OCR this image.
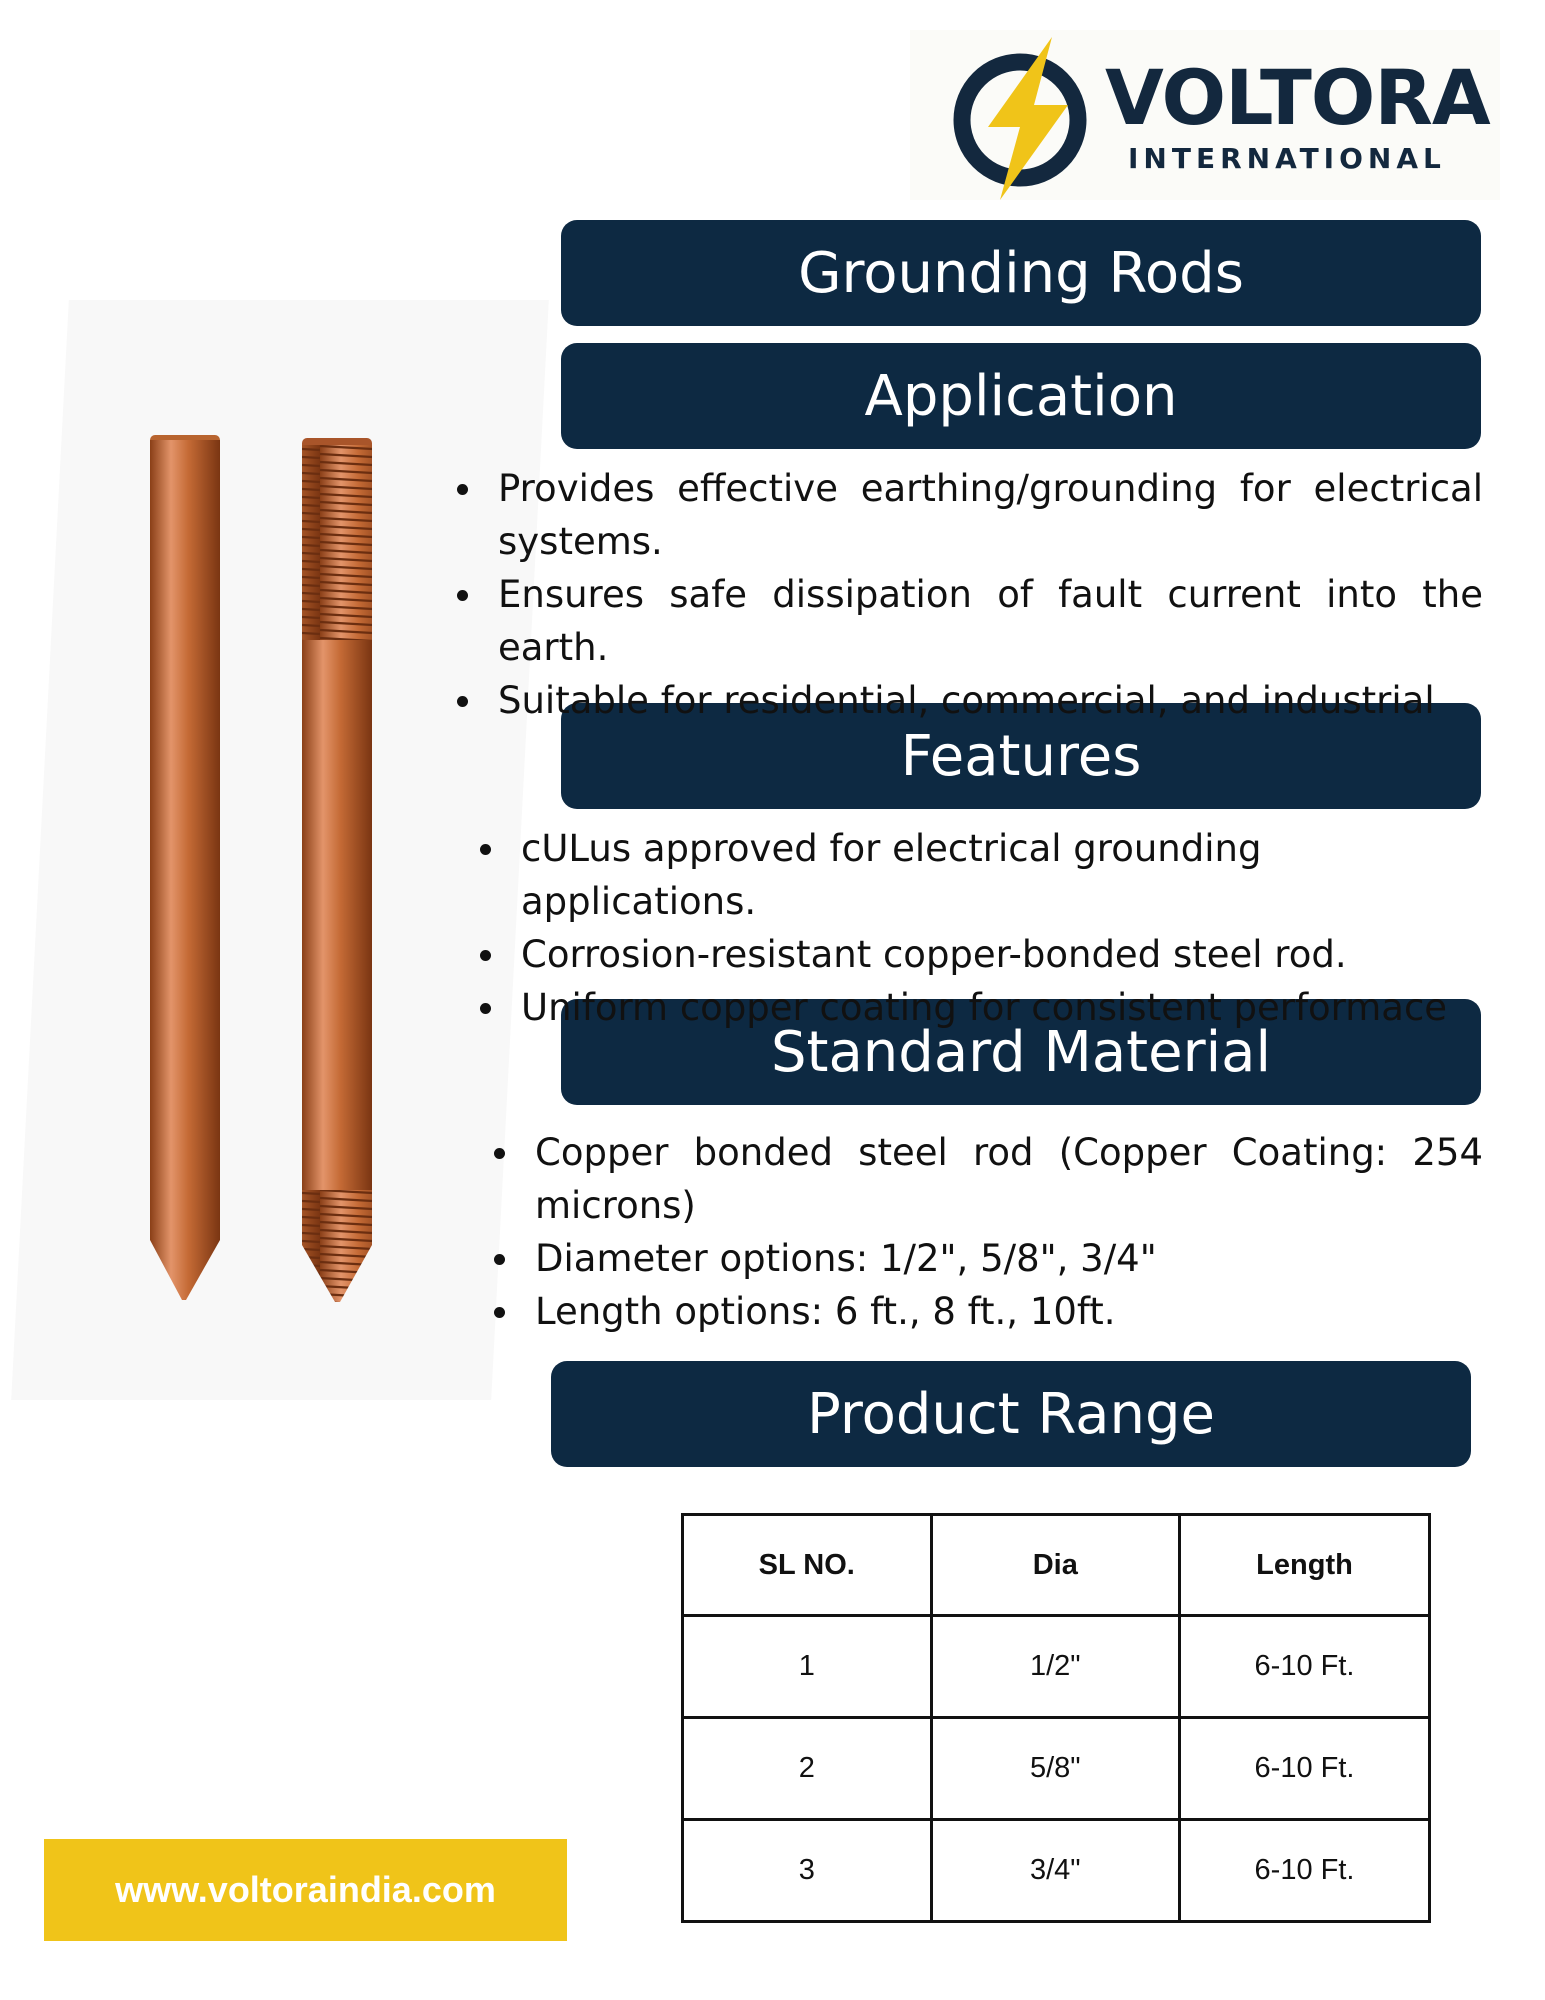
VOLTORA
INTERNATIONAL
Grounding Rods
Application
Features
Standard Material
Product Range
Provides effective earthing/grounding for electrical systems.
Ensures safe dissipation of fault current into the earth.
Suitable for residential, commercial, and industrial
cULus approved for electrical grounding applications.
Corrosion-resistant copper-bonded steel rod.
Uniform copper coating for consistent performace
Copper bonded steel rod (Copper Coating: 254 microns)
Diameter options: 1/2", 5/8", 3/4"
Length options: 6 ft., 8 ft., 10ft.
SL NO.	Dia	Length
1	1/2"	6-10 Ft.
2	5/8"	6-10 Ft.
3	3/4"	6-10 Ft.
www.voltoraindia.com
